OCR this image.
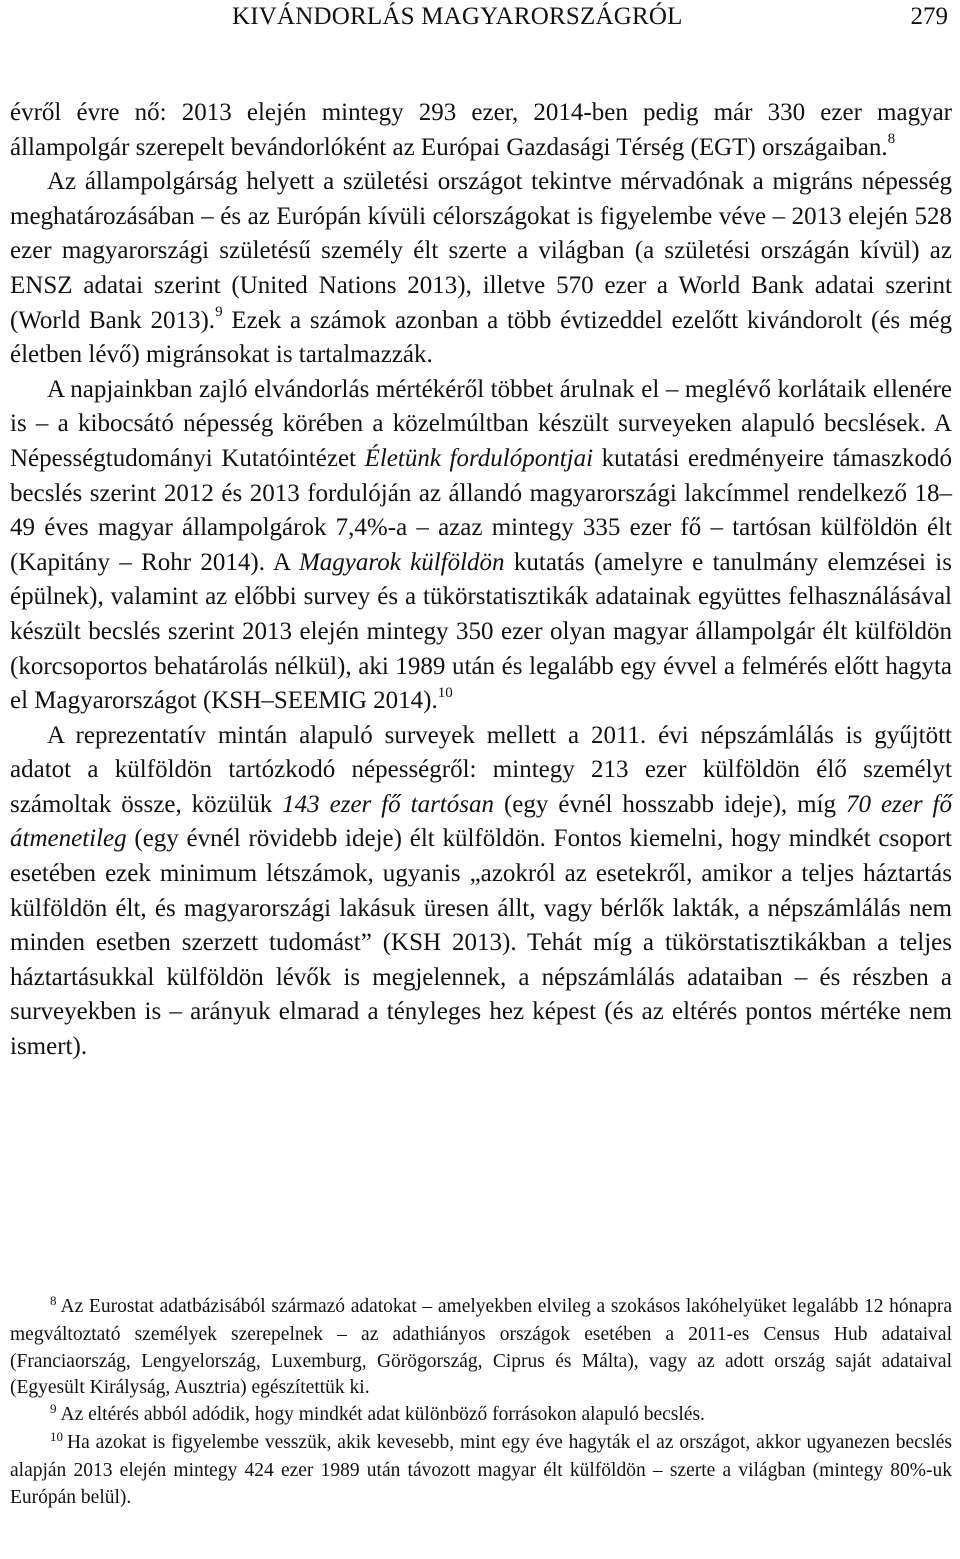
KIVÁNDORLÁS MAGYARORSZÁGRÓL	279

évről évre nő: 2013 elején mintegy 293 ezer, 2014-ben pedig már 330 ezer magyar állampolgár szerepelt bevándorlóként az Európai Gazdasági Térség (EGT) országaiban.$^8$

Az állampolgárság helyett a születési országot tekintve mérvadónak a migráns népesség meghatározásában – és az Európán kívüli célországokat is figyelembe véve – 2013 elején 528 ezer magyarországi születésű személy élt szerte a világban (a születési országán kívül) az ENSZ adatai szerint (United Nations 2013), illetve 570 ezer a World Bank adatai szerint (World Bank 2013).$^9$ Ezek a számok azonban a több évtizeddel ezelőtt kivándorolt (és még életben lévő) migránsokat is tartalmazzák.

A napjainkban zajló elvándorlás mértékéről többet árulnak el – meglévő korlátaik ellenére is – a kibocsátó népesség körében a közelmúltban készült surveyeken alapuló becslések. A Népességtudományi Kutatóintézet Életünk fordulópontjai kutatási eredményeire támaszkodó becslés szerint 2012 és 2013 fordulóján az állandó magyarországi lakcímmel rendelkező 18–49 éves magyar állampolgárok 7,4%-a – azaz mintegy 335 ezer fő – tartósan külföldön élt (Kapitány – Rohr 2014). A Magyarok külföldön kutatás (amelyre e tanulmány elemzései is épülnek), valamint az előbbi survey és a tükörstatisztikák adatainak együttes felhasználásával készült becslés szerint 2013 elején mintegy 350 ezer olyan magyar állampolgár élt külföldön (korcsoportos behatárolás nélkül), aki 1989 után és legalább egy évvel a felmérés előtt hagyta el Magyarországot (KSH–SEEMIG 2014).$^{10}$

A reprezentatív mintán alapuló surveyek mellett a 2011. évi népszámlálás is gyűjtött adatot a külföldön tartózkodó népességről: mintegy 213 ezer külföldön élő személyt számoltak össze, közülük 143 ezer fő tartósan (egy évnél hosszabb ideje), míg 70 ezer fő átmenetileg (egy évnél rövidebb ideje) élt külföldön. Fontos kiemelni, hogy mindkét csoport esetében ezek minimum létszámok, ugyanis „azokról az esetekről, amikor a teljes háztartás külföldön élt, és magyarországi lakásuk üresen állt, vagy bérlők lakták, a népszámlálás nem minden esetben szerzett tudomást” (KSH 2013). Tehát míg a tükörstatisztikákban a teljes háztartásukkal külföldön lévők is megjelennek, a népszámlálás adataiban – és részben a surveyekben is – arányuk elmarad a tényleges hez képest (és az eltérés pontos mértéke nem ismert).

$^8$ Az Eurostat adatbázisából származó adatokat – amelyekben elvileg a szokásos lakóhelyüket legalább 12 hónapra megváltoztató személyek szerepelnek – az adathiányos országok esetében a 2011-es Census Hub adataival (Franciaország, Lengyelország, Luxemburg, Görögország, Ciprus és Málta), vagy az adott ország saját adataival (Egyesült Királyság, Ausztria) egészítettük ki.

$^9$ Az eltérés abból adódik, hogy mindkét adat különböző forrásokon alapuló becslés.

$^{10}$ Ha azokat is figyelembe vesszük, akik kevesebb, mint egy éve hagyták el az országot, akkor ugyanezen becslés alapján 2013 elején mintegy 424 ezer 1989 után távozott magyar élt külföldön – szerte a világban (mintegy 80%-uk Európán belül).
